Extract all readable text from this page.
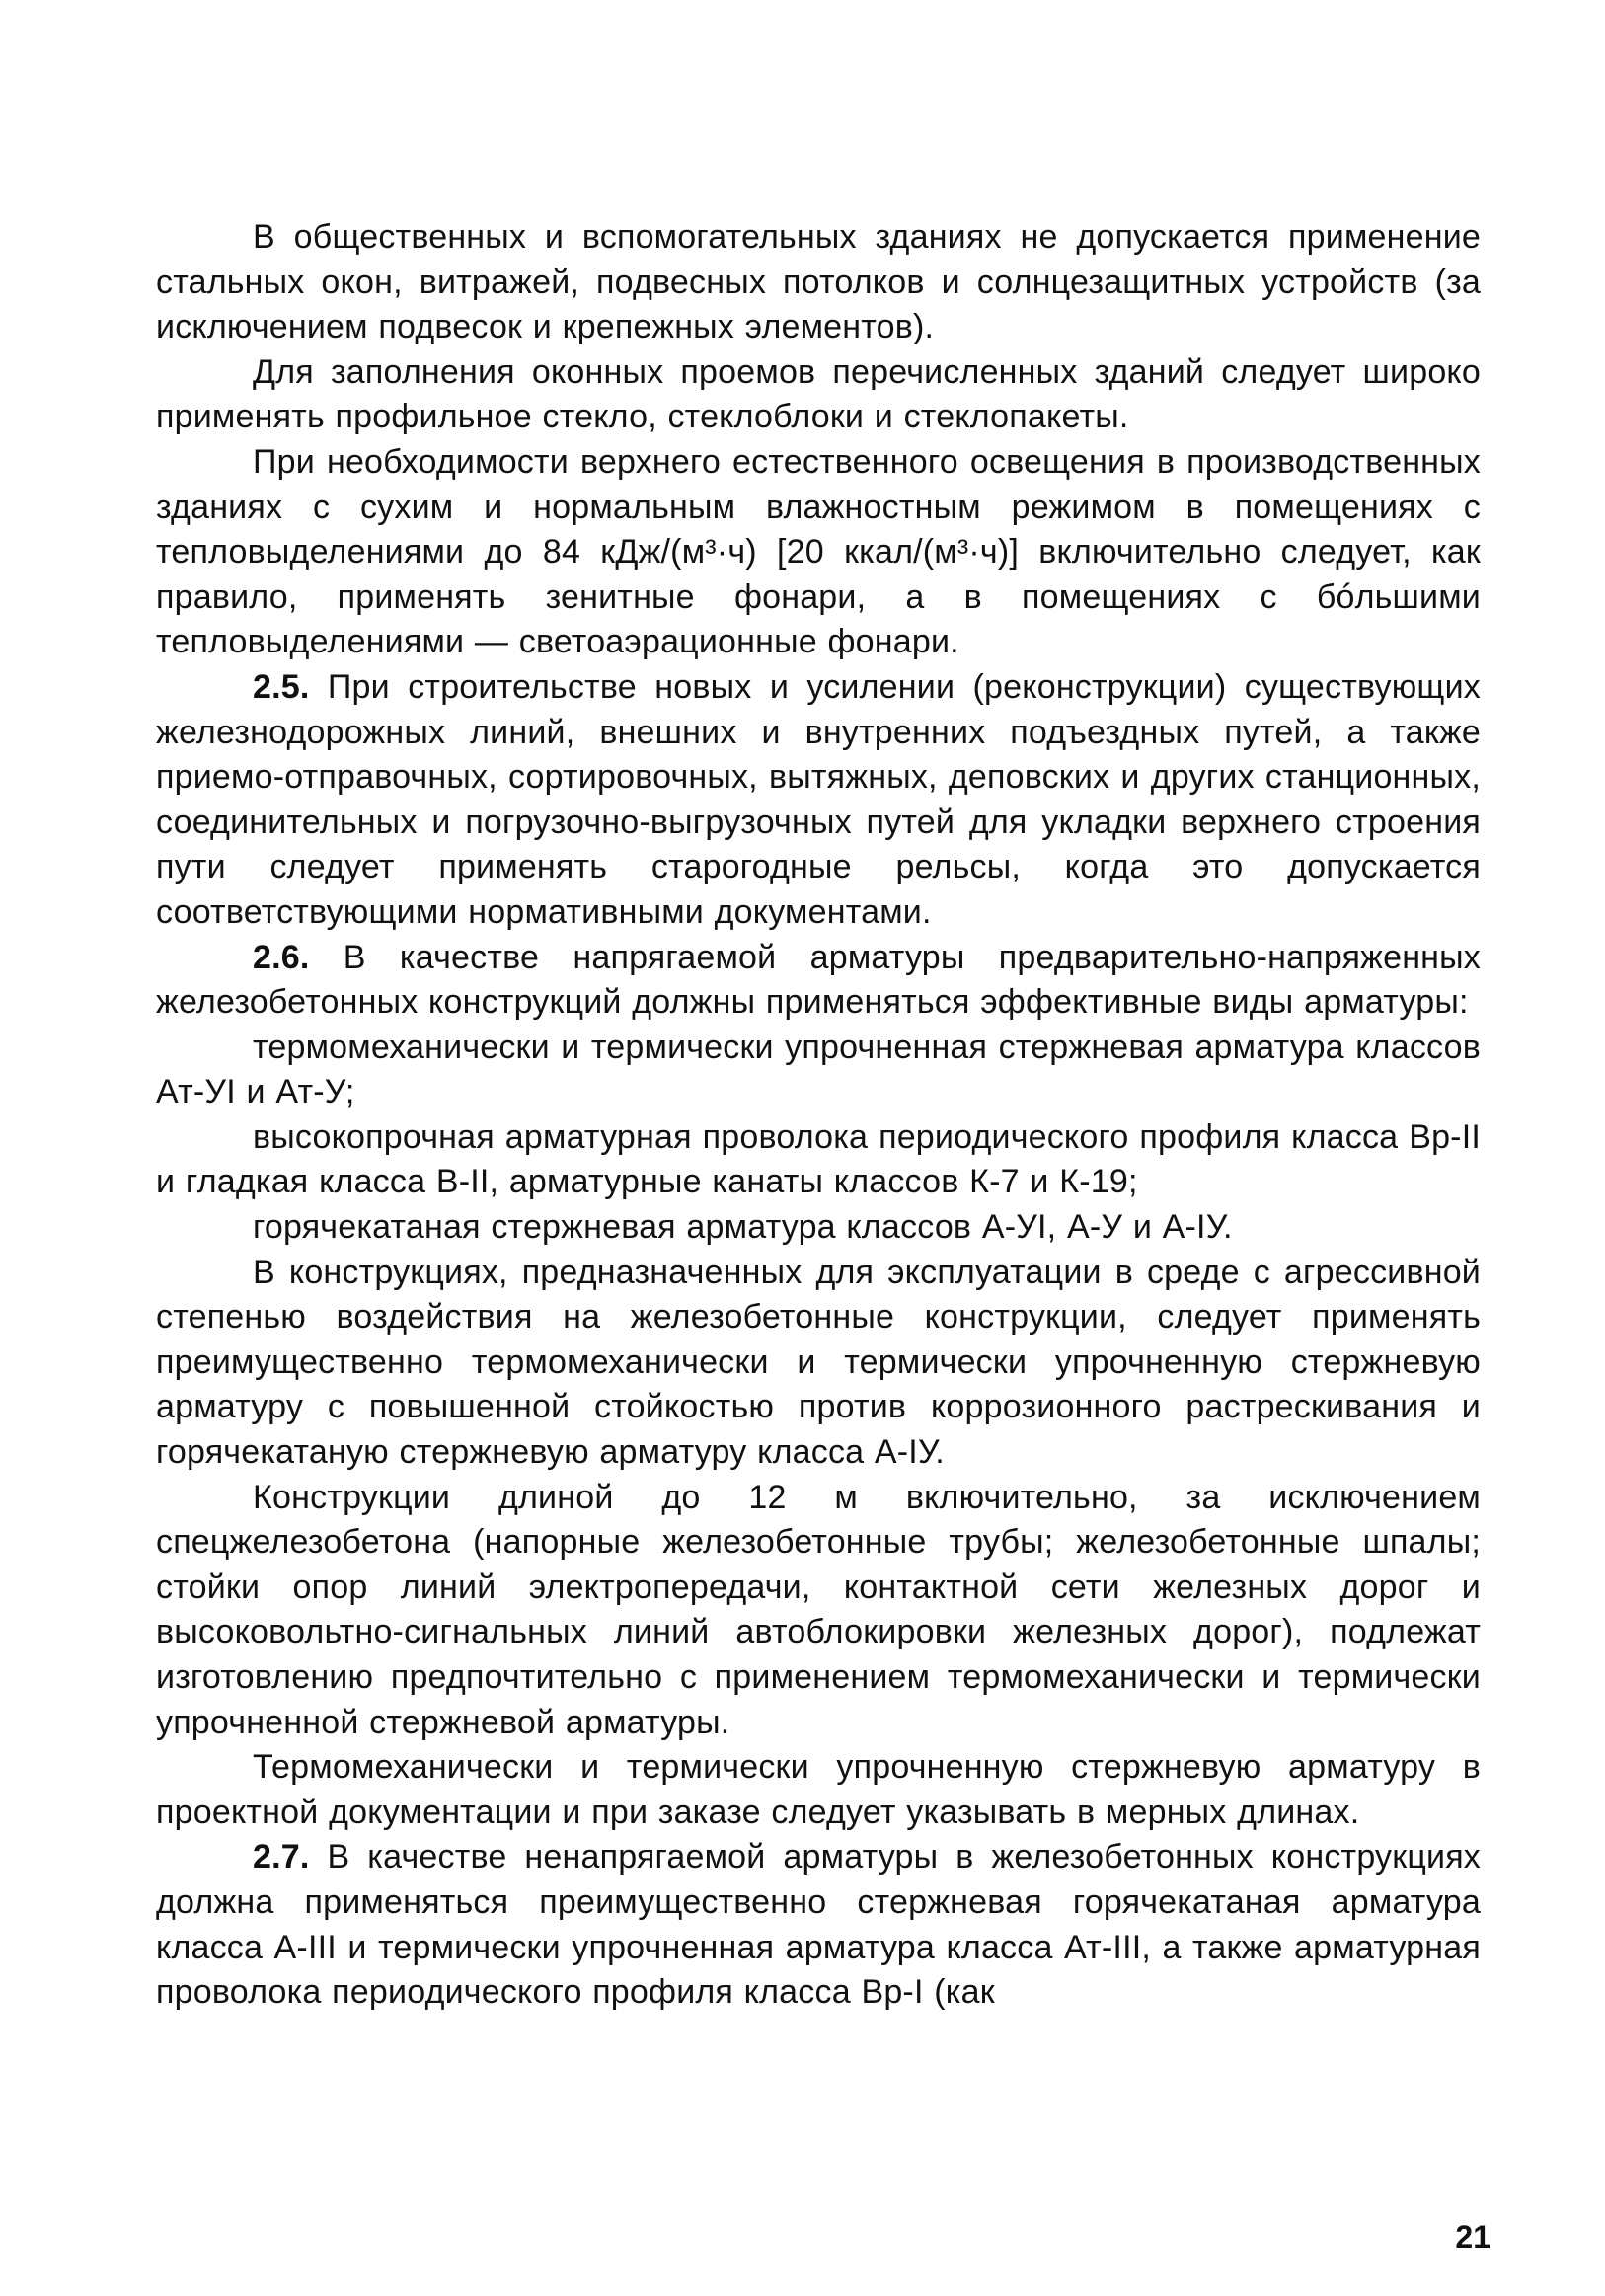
В общественных и вспомогательных зданиях не допускается применение стальных окон, витражей, подвесных потолков и солнцезащитных устройств (за исключением подвесок и крепежных элементов).

Для заполнения оконных проемов перечисленных зданий следует широко применять профильное стекло, стеклоблоки и стеклопакеты.

При необходимости верхнего естественного освещения в производственных зданиях с сухим и нормальным влажностным режимом в помещениях с тепловыделениями до 84 кДж/(м³·ч) [20 ккал/(м³·ч)] включительно следует, как правило, применять зенитные фонари, а в помещениях с бóльшими тепловыделениями — светоаэрационные фонари.

2.5. При строительстве новых и усилении (реконструкции) существующих железнодорожных линий, внешних и внутренних подъездных путей, а также приемо-отправочных, сортировочных, вытяжных, деповских и других станционных, соединительных и погрузочно-выгрузочных путей для укладки верхнего строения пути следует применять старогодные рельсы, когда это допускается соответствующими нормативными документами.

2.6. В качестве напрягаемой арматуры предварительно-напряженных железобетонных конструкций должны применяться эффективные виды арматуры:

термомеханически и термически упрочненная стержневая арматура классов Ат-УI и Ат-У;

высокопрочная арматурная проволока периодического профиля класса Вр-II и гладкая класса В-II, арматурные канаты классов К-7 и К-19;

горячекатаная стержневая арматура классов А-УI, А-У и А-IУ.

В конструкциях, предназначенных для эксплуатации в среде с агрессивной степенью воздействия на железобетонные конструкции, следует применять преимущественно термомеханически и термически упрочненную стержневую арматуру с повышенной стойкостью против коррозионного растрескивания и горячекатаную стержневую арматуру класса А-IУ.

Конструкции длиной до 12 м включительно, за исключением спецжелезобетона (напорные железобетонные трубы; железобетонные шпалы; стойки опор линий электропередачи, контактной сети железных дорог и высоковольтно-сигнальных линий автоблокировки железных дорог), подлежат изготовлению предпочтительно с применением термомеханически и термически упрочненной стержневой арматуры.

Термомеханически и термически упрочненную стержневую арматуру в проектной документации и при заказе следует указывать в мерных длинах.

2.7. В качестве ненапрягаемой арматуры в железобетонных конструкциях должна применяться преимущественно стержневая горячекатаная арматура класса А-III и термически упрочненная арматура класса Ат-III, а также арматурная проволока периодического профиля класса Вр-I (как

21
